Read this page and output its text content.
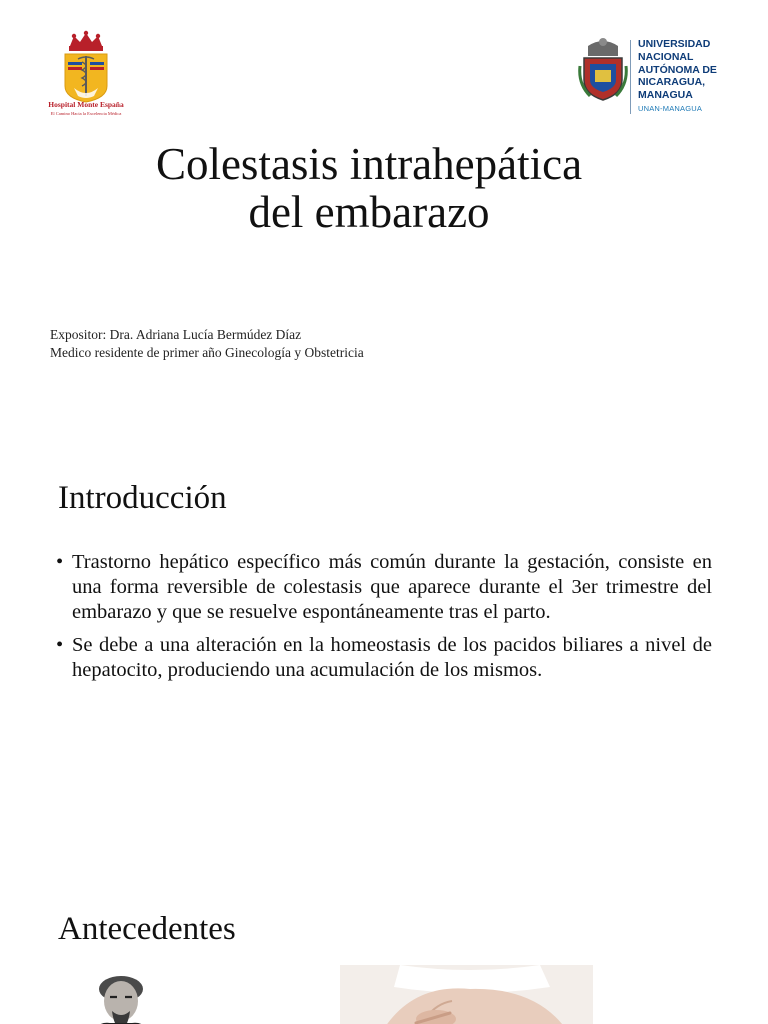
Hospital Monte España
El Camino Hacia la Excelencia Médica
UNIVERSIDAD
NACIONAL
AUTÓNOMA DE
NICARAGUA,
MANAGUA
UNAN-MANAGUA
Colestasis intrahepática
del embarazo
Expositor: Dra. Adriana Lucía Bermúdez Díaz
Medico residente de primer año Ginecología y Obstetricia
Introducción
• Trastorno hepático específico más común durante la gestación, consiste en una forma reversible de colestasis que aparece durante el 3er trimestre del embarazo y que se resuelve espontáneamente tras el parto.
• Se debe a una alteración en la homeostasis de los pacidos biliares a nivel de hepatocito, produciendo una acumulación de los mismos.
Antecedentes
